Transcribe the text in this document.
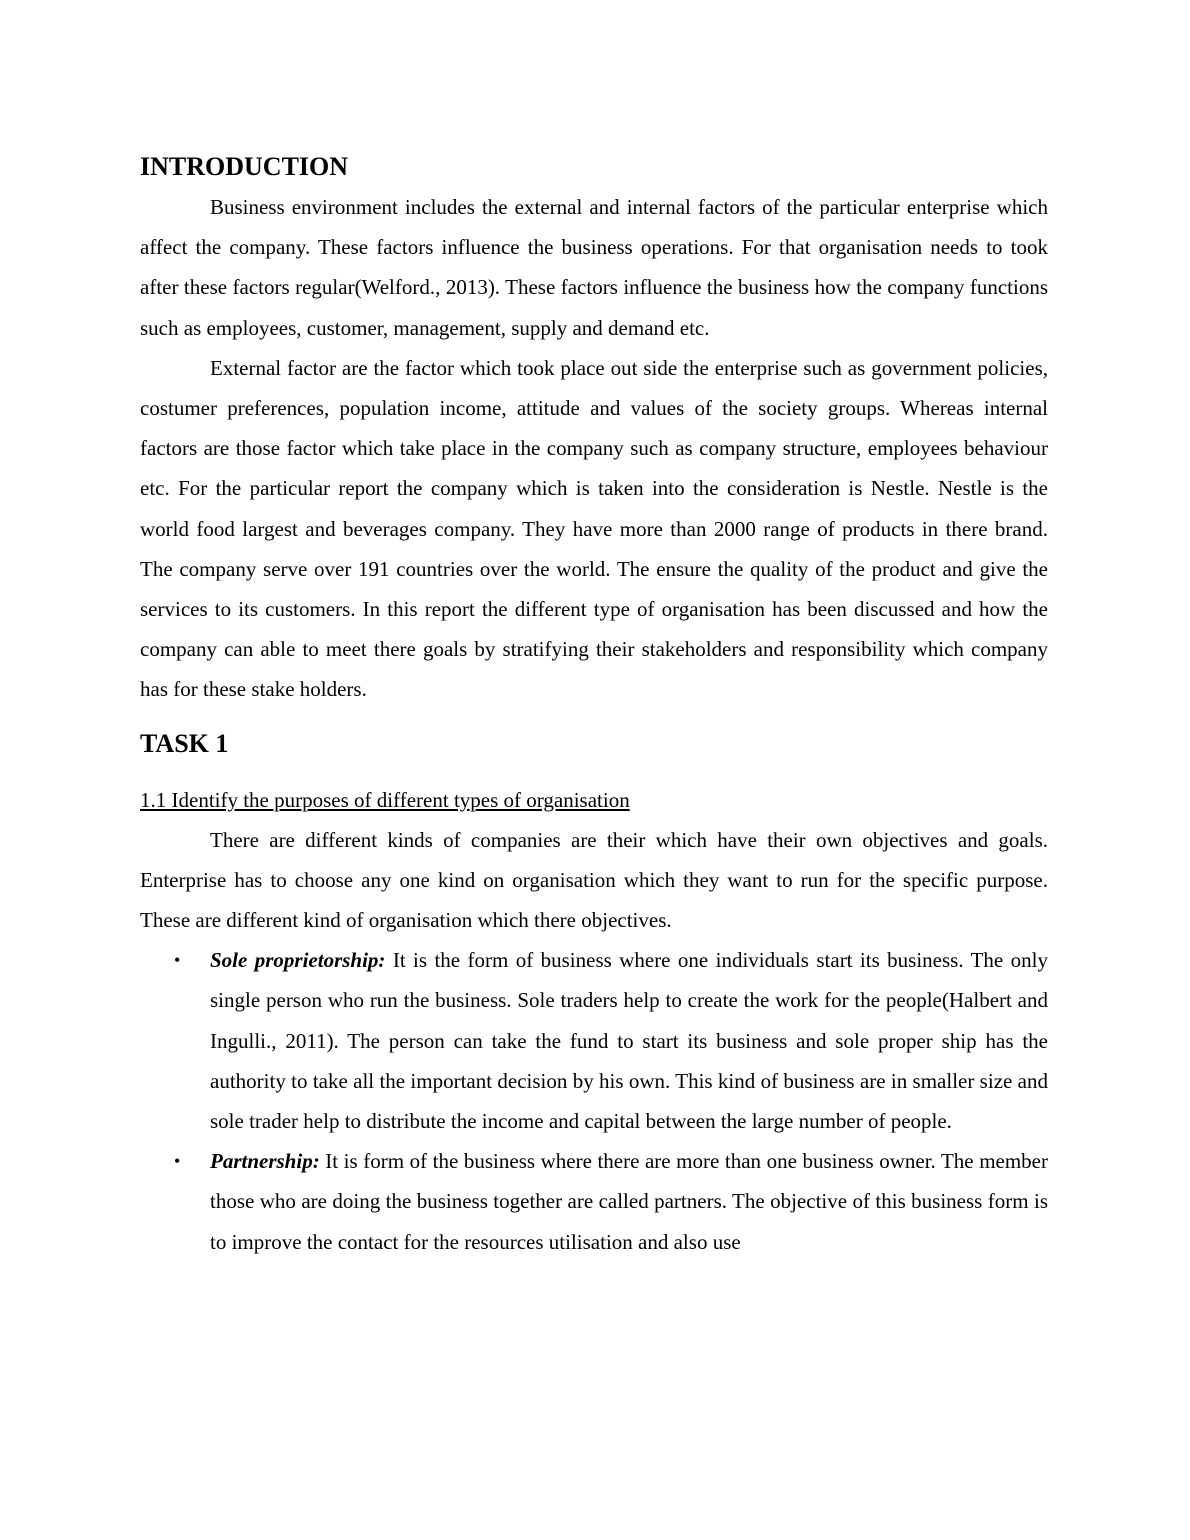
INTRODUCTION

Business environment includes the external and internal factors of the particular enterprise which affect the company. These factors influence the business operations. For that organisation needs to took after these factors regular(Welford., 2013). These factors influence the business how the company functions such as employees, customer, management, supply and demand etc.

External factor are the factor which took place out side the enterprise such as government policies, costumer preferences, population income, attitude and values of the society groups. Whereas internal factors are those factor which take place in the company such as company structure, employees behaviour etc. For the particular report the company which is taken into the consideration is Nestle. Nestle is the world food largest and beverages company. They have more than 2000 range of products in there brand. The company serve over 191 countries over the world. The ensure the quality of the product and give the services to its customers. In this report the different type of organisation has been discussed and how the company can able to meet there goals by stratifying their stakeholders and responsibility which company has for these stake holders.

TASK 1
1.1 Identify the purposes of different types of organisation

There are different kinds of companies are their which have their own objectives and goals. Enterprise has to choose any one kind on organisation which they want to run for the specific purpose. These are different kind of organisation which there objectives.

• Sole proprietorship: It is the form of business where one individuals start its business. The only single person who run the business. Sole traders help to create the work for the people(Halbert and Ingulli., 2011). The person can take the fund to start its business and sole proper ship has the authority to take all the important decision by his own. This kind of business are in smaller size and sole trader help to distribute the income and capital between the large number of people.
• Partnership: It is form of the business where there are more than one business owner. The member those who are doing the business together are called partners. The objective of this business form is to improve the contact for the resources utilisation and also use
